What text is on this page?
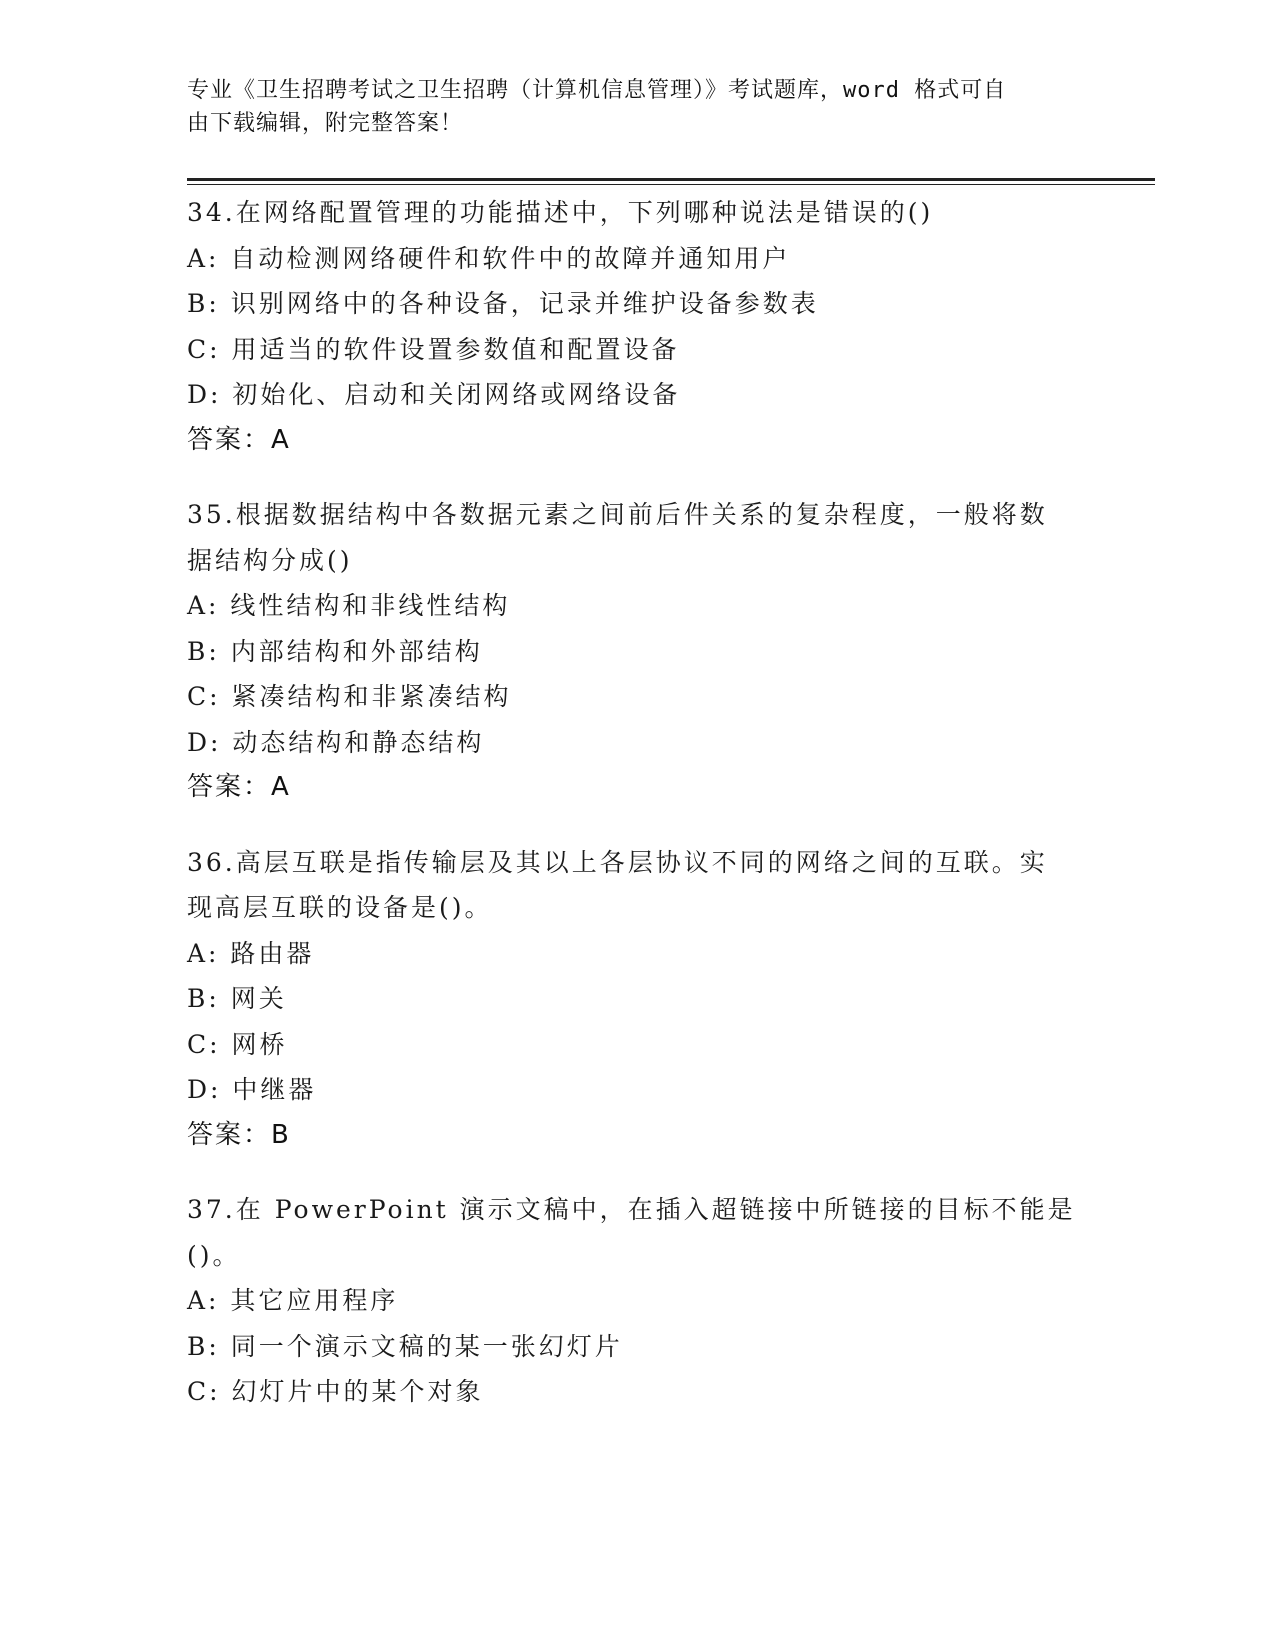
专业《卫生招聘考试之卫生招聘（计算机信息管理）》考试题库，word 格式可自
由下载编辑，附完整答案！
34.在网络配置管理的功能描述中，下列哪种说法是错误的()
A: 自动检测网络硬件和软件中的故障并通知用户
B: 识别网络中的各种设备，记录并维护设备参数表
C: 用适当的软件设置参数值和配置设备
D: 初始化、启动和关闭网络或网络设备
答案：A
35.根据数据结构中各数据元素之间前后件关系的复杂程度，一般将数
据结构分成()
A: 线性结构和非线性结构
B: 内部结构和外部结构
C: 紧凑结构和非紧凑结构
D: 动态结构和静态结构
答案：A
36.高层互联是指传输层及其以上各层协议不同的网络之间的互联。实
现高层互联的设备是()。
A: 路由器
B: 网关
C: 网桥
D: 中继器
答案：B
37.在 PowerPoint 演示文稿中，在插入超链接中所链接的目标不能是
()。
A: 其它应用程序
B: 同一个演示文稿的某一张幻灯片
C: 幻灯片中的某个对象
